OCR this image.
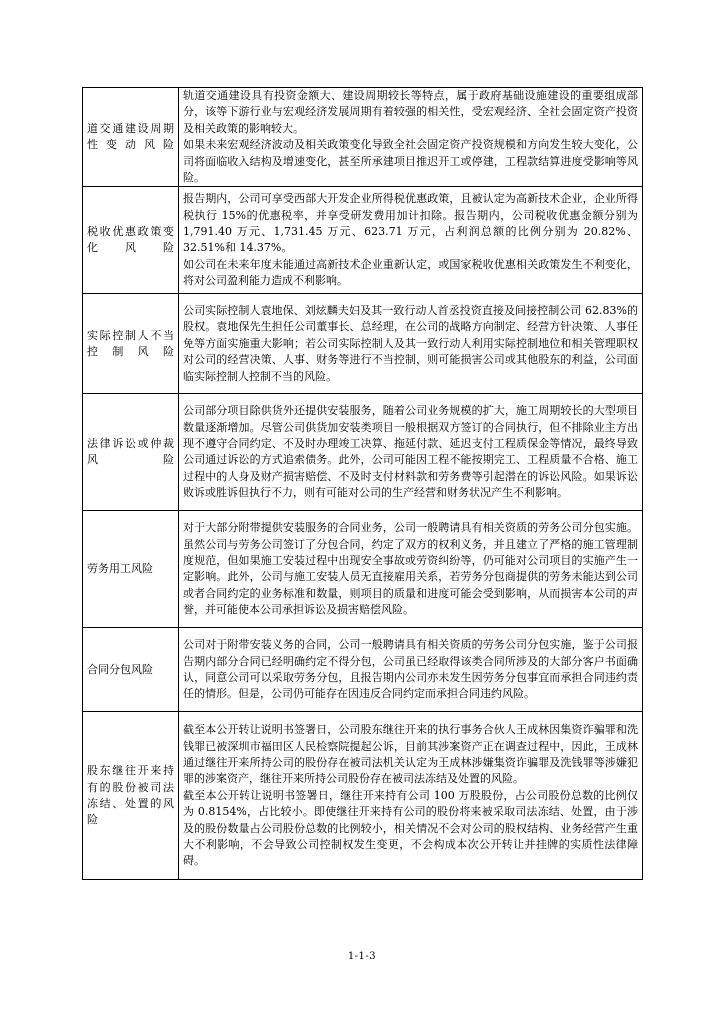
道交通建设周期性变动风险	轨道交通建设具有投资金额大、建设周期较长等特点，属于政府基础设施建设的重要组成部分，该等下游行业与宏观经济发展周期有着较强的相关性，受宏观经济、全社会固定资产投资及相关政策的影响较大。
如果未来宏观经济波动及相关政策变化导致全社会固定资产投资规模和方向发生较大变化，公司将面临收入结构及增速变化，甚至所承建项目推迟开工或停建，工程款结算进度受影响等风险。

税收优惠政策变化风险	报告期内，公司可享受西部大开发企业所得税优惠政策，且被认定为高新技术企业，企业所得税执行 15%的优惠税率，并享受研发费用加计扣除。报告期内，公司税收优惠金额分别为 1,791.40 万元、1,731.45 万元、623.71 万元，占利润总额的比例分别为 20.82%、32.51%和 14.37%。
如公司在未来年度未能通过高新技术企业重新认定，或国家税收优惠相关政策发生不利变化，将对公司盈利能力造成不利影响。

实际控制人不当控制风险	公司实际控制人袁地保、刘炫麟夫妇及其一致行动人首丞投资直接及间接控制公司 62.83%的股权。袁地保先生担任公司董事长、总经理，在公司的战略方向制定、经营方针决策、人事任免等方面实施重大影响；若公司实际控制人及其一致行动人利用实际控制地位和相关管理职权对公司的经营决策、人事、财务等进行不当控制，则可能损害公司或其他股东的利益，公司面临实际控制人控制不当的风险。

法律诉讼或仲裁风险	公司部分项目除供货外还提供安装服务，随着公司业务规模的扩大，施工周期较长的大型项目数量逐渐增加。尽管公司供货加安装类项目一般根据双方签订的合同执行，但不排除业主方出现不遵守合同约定、不及时办理竣工决算、拖延付款、延迟支付工程质保金等情况，最终导致公司通过诉讼的方式追索债务。此外，公司可能因工程不能按期完工、工程质量不合格、施工过程中的人身及财产损害赔偿、不及时支付材料款和劳务费等引起潜在的诉讼风险。如果诉讼败诉或胜诉但执行不力，则有可能对公司的生产经营和财务状况产生不利影响。

劳务用工风险	对于大部分附带提供安装服务的合同业务，公司一般聘请具有相关资质的劳务公司分包实施。虽然公司与劳务公司签订了分包合同，约定了双方的权利义务，并且建立了严格的施工管理制度规范，但如果施工安装过程中出现安全事故或劳资纠纷等，仍可能对公司项目的实施产生一定影响。此外，公司与施工安装人员无直接雇用关系，若劳务分包商提供的劳务未能达到公司或者合同约定的业务标准和数量，则项目的质量和进度可能会受到影响，从而损害本公司的声誉，并可能使本公司承担诉讼及损害赔偿风险。

合同分包风险	公司对于附带安装义务的合同，公司一般聘请具有相关资质的劳务公司分包实施，鉴于公司报告期内部分合同已经明确约定不得分包，公司虽已经取得该类合同所涉及的大部分客户书面确认，同意公司可以采取劳务分包，且报告期内公司亦未发生因劳务分包事宜而承担合同违约责任的情形。但是，公司仍可能存在因违反合同约定而承担合同违约风险。

股东继往开来持有的股份被司法冻结、处置的风险	截至本公开转让说明书签署日，公司股东继往开来的执行事务合伙人王成林因集资诈骗罪和洗钱罪已被深圳市福田区人民检察院提起公诉，目前其涉案资产正在调查过程中，因此，王成林通过继往开来所持公司的股份存在被司法机关认定为王成林涉嫌集资诈骗罪及洗钱罪等涉嫌犯罪的涉案资产，继往开来所持公司股份存在被司法冻结及处置的风险。
截至本公开转让说明书签署日，继往开来持有公司 100 万股股份，占公司股份总数的比例仅为 0.8154%，占比较小。即使继往开来持有公司的股份将来被采取司法冻结、处置，由于涉及的股份数量占公司股份总数的比例较小，相关情况不会对公司的股权结构、业务经营产生重大不利影响，不会导致公司控制权发生变更，不会构成本次公开转让并挂牌的实质性法律障碍。
1-1-3
